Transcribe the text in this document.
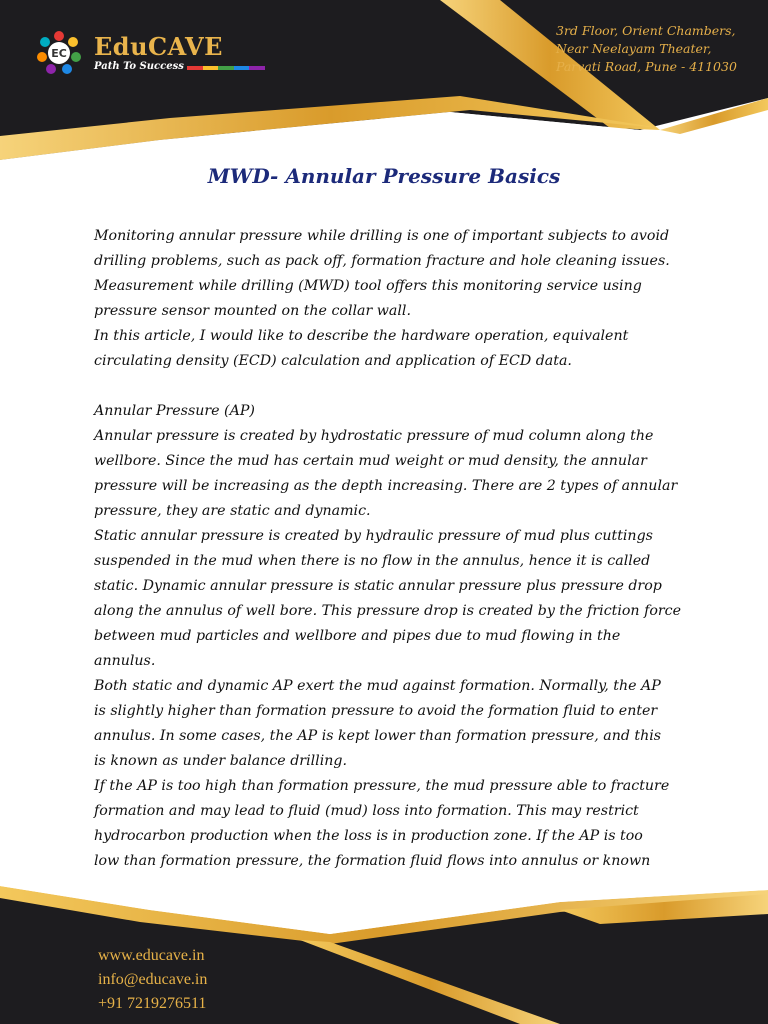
EC EduCAVE
Path To Success
3rd Floor, Orient Chambers,
Near Neelayam Theater,
Parvati Road, Pune - 411030
MWD- Annular Pressure Basics
Monitoring annular pressure while drilling is one of important subjects to avoid
drilling problems, such as pack off, formation fracture and hole cleaning issues.
Measurement while drilling (MWD) tool offers this monitoring service using
pressure sensor mounted on the collar wall.
In this article, I would like to describe the hardware operation, equivalent
circulating density (ECD) calculation and application of ECD data.
Annular Pressure (AP)
Annular pressure is created by hydrostatic pressure of mud column along the
wellbore. Since the mud has certain mud weight or mud density, the annular
pressure will be increasing as the depth increasing. There are 2 types of annular
pressure, they are static and dynamic.
Static annular pressure is created by hydraulic pressure of mud plus cuttings
suspended in the mud when there is no flow in the annulus, hence it is called
static. Dynamic annular pressure is static annular pressure plus pressure drop
along the annulus of well bore. This pressure drop is created by the friction force
between mud particles and wellbore and pipes due to mud flowing in the
annulus.
Both static and dynamic AP exert the mud against formation. Normally, the AP
is slightly higher than formation pressure to avoid the formation fluid to enter
annulus. In some cases, the AP is kept lower than formation pressure, and this
is known as under balance drilling.
If the AP is too high than formation pressure, the mud pressure able to fracture
formation and may lead to fluid (mud) loss into formation. This may restrict
hydrocarbon production when the loss is in production zone. If the AP is too
low than formation pressure, the formation fluid flows into annulus or known
www.educave.in
info@educave.in
+91 7219276511
